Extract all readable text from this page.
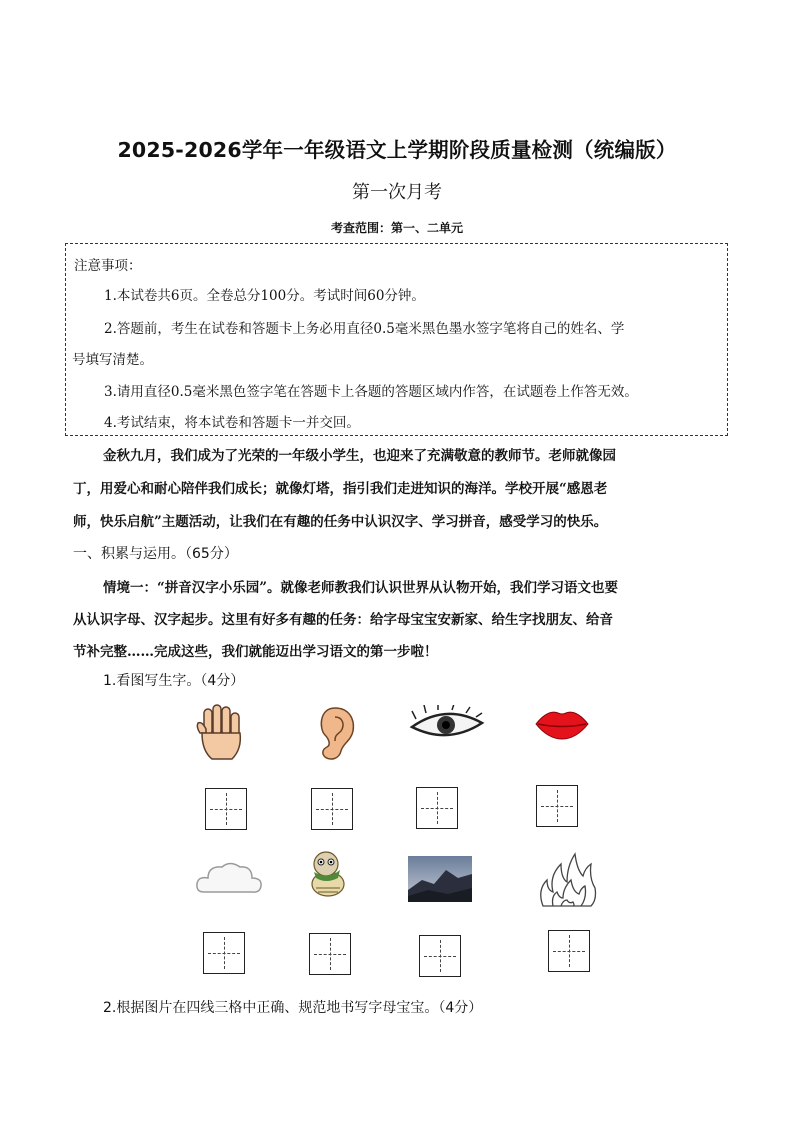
2025-2026学年一年级语文上学期阶段质量检测（统编版）
第一次月考
考查范围：第一、二单元
注意事项：
1.本试卷共6页。全卷总分100分。考试时间60分钟。
2.答题前，考生在试卷和答题卡上务必用直径0.5毫米黑色墨水签字笔将自己的姓名、学
号填写清楚。
3.请用直径0.5毫米黑色签字笔在答题卡上各题的答题区域内作答，在试题卷上作答无效。
4.考试结束，将本试卷和答题卡一并交回。
金秋九月，我们成为了光荣的一年级小学生，也迎来了充满敬意的教师节。老师就像园
丁，用爱心和耐心陪伴我们成长；就像灯塔，指引我们走进知识的海洋。学校开展“感恩老
师，快乐启航”主题活动，让我们在有趣的任务中认识汉字、学习拼音，感受学习的快乐。
一、积累与运用。（65分）
情境一：“拼音汉字小乐园”。就像老师教我们认识世界从认物开始，我们学习语文也要
从认识字母、汉字起步。这里有好多有趣的任务：给字母宝宝安新家、给生字找朋友、给音
节补完整……完成这些，我们就能迈出学习语文的第一步啦！
1.看图写生字。（4分）
2.根据图片在四线三格中正确、规范地书写字母宝宝。（4分）
